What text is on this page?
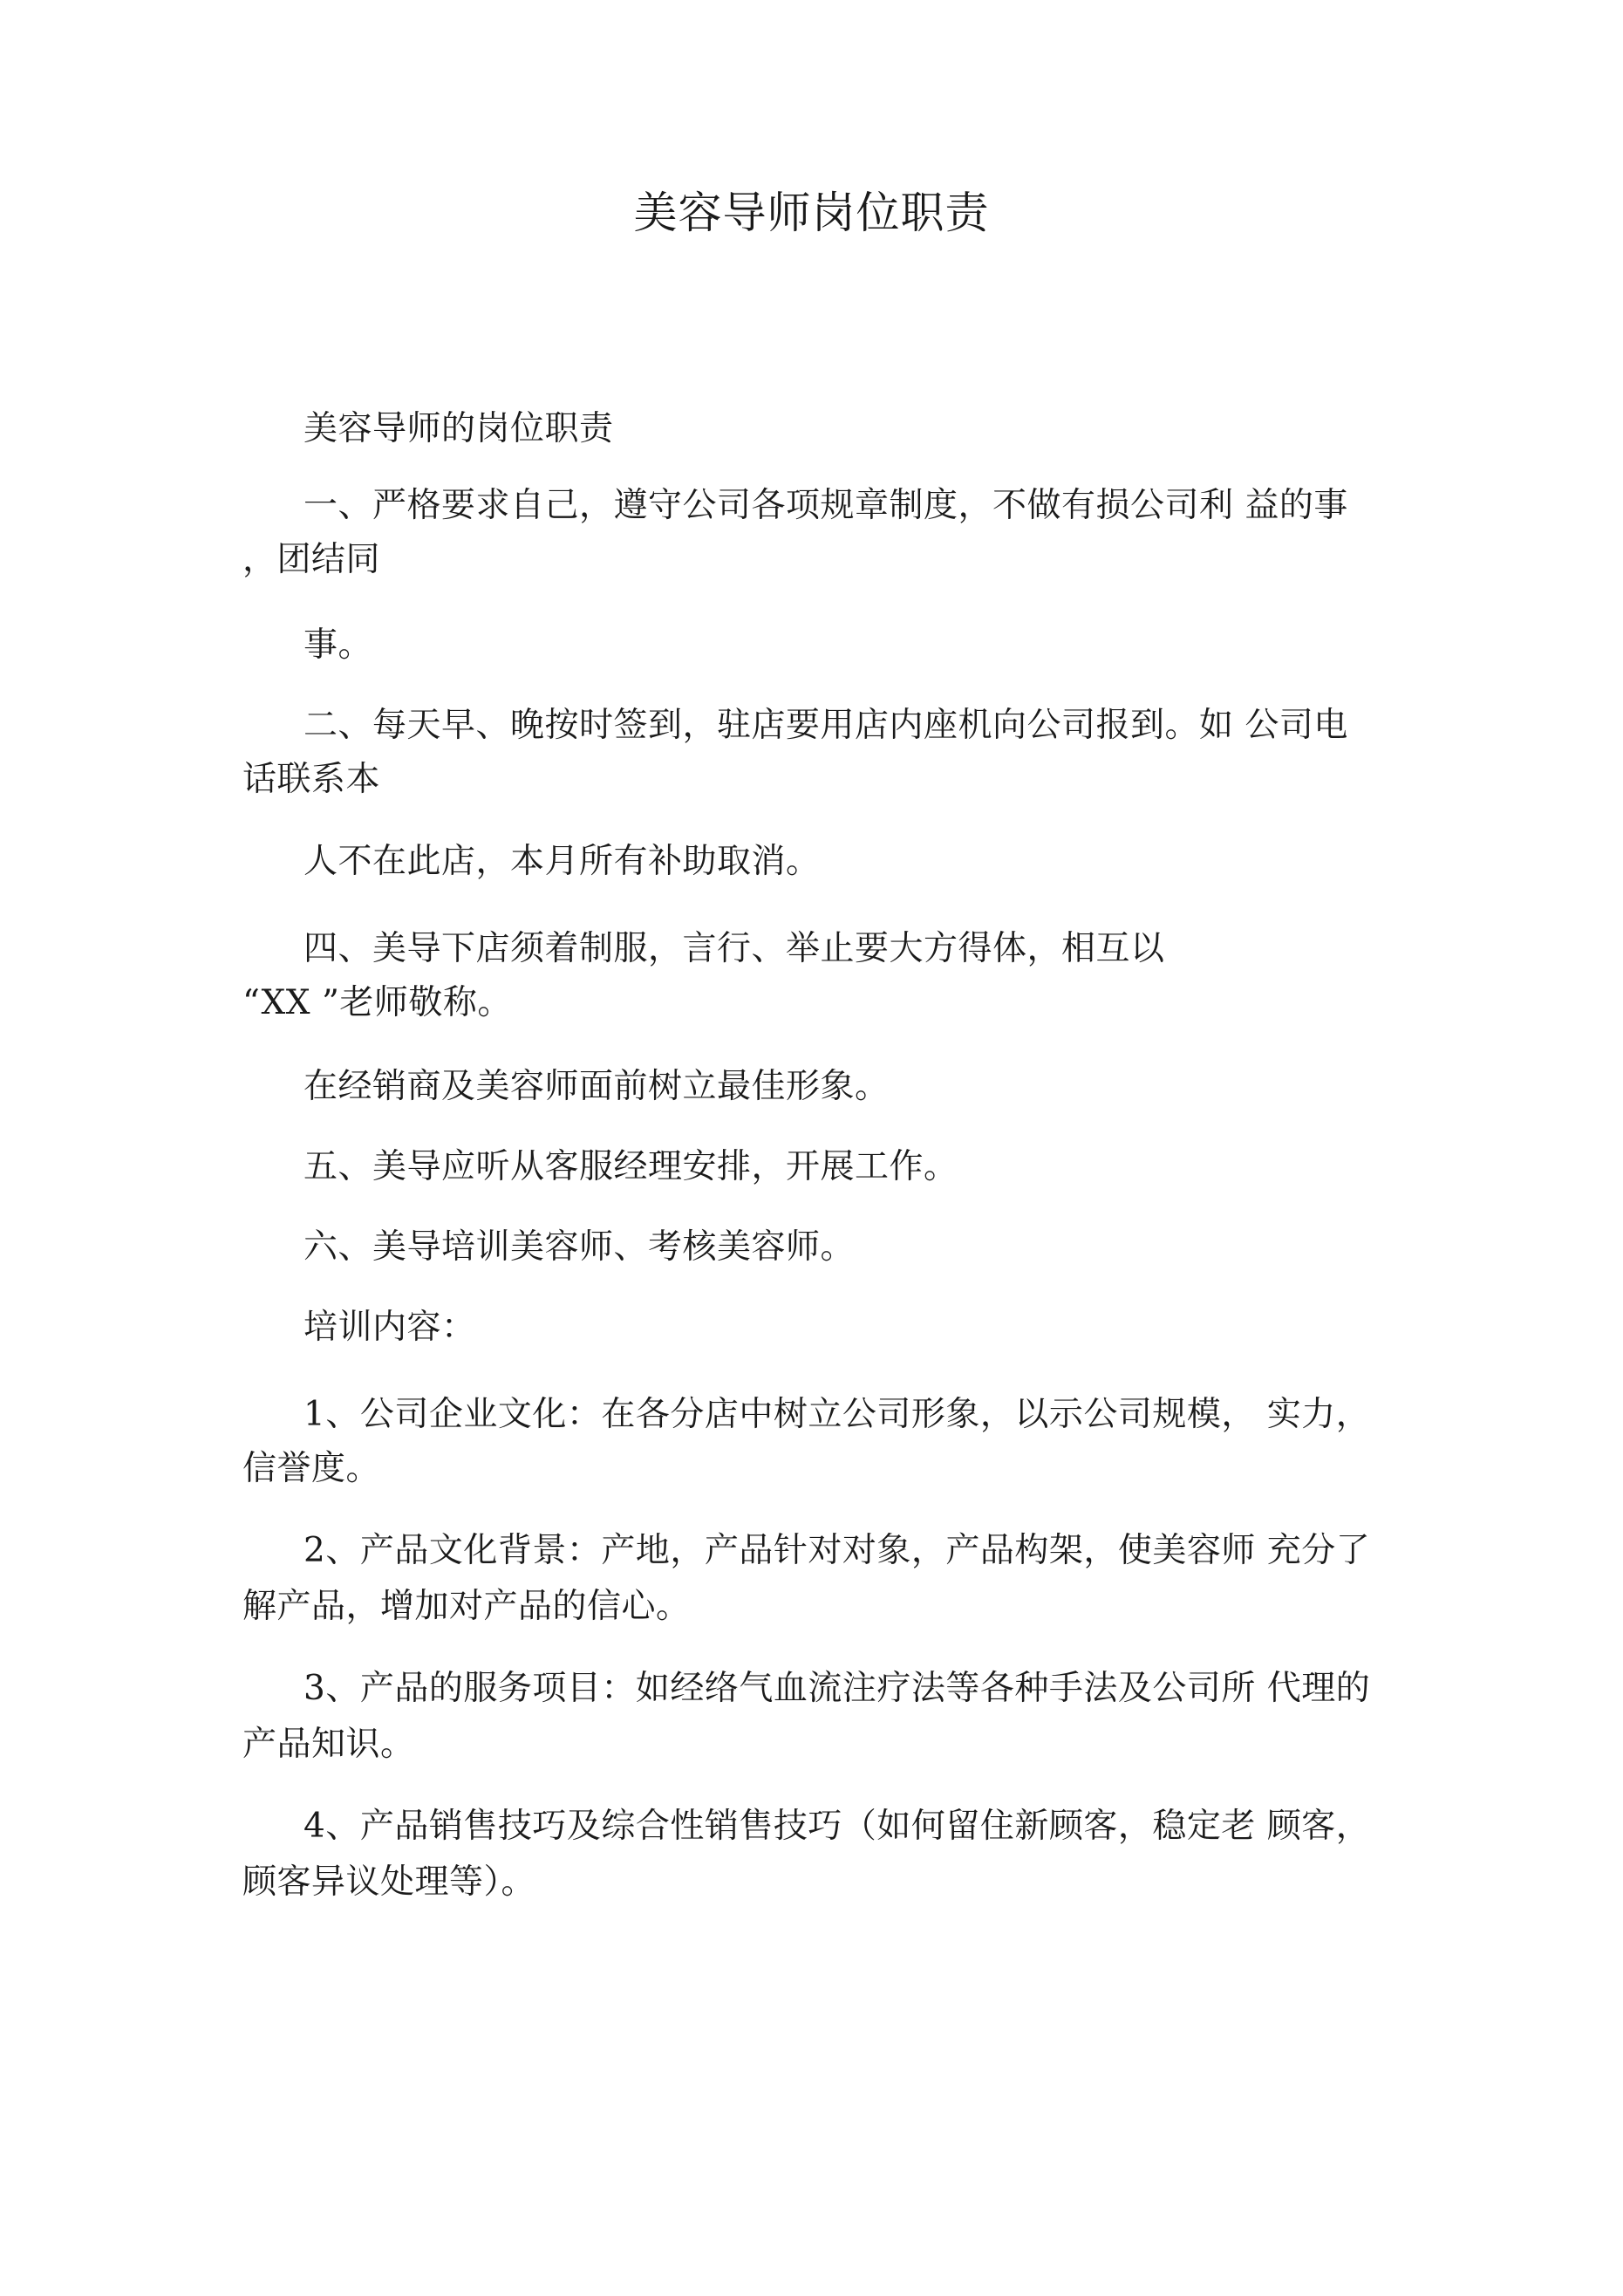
美容导师岗位职责
美容导师的岗位职责
一、严格要求自己，遵守公司各项规章制度，不做有损公司利 益的事
，团结同
事。
二、每天早、晚按时签到，驻店要用店内座机向公司报到。如 公司电
话联系本
人不在此店，本月所有补助取消。
四、美导下店须着制服，言行、举止要大方得体，相互以
“XX ”老师敬称。
在经销商及美容师面前树立最佳形象。
五、美导应听从客服经理安排，开展工作。
六、美导培训美容师、考核美容师。
培训内容：
1、公司企业文化：在各分店中树立公司形象，以示公司规模， 实力，
信誉度。
2、产品文化背景：产地，产品针对对象，产品构架，使美容师 充分了
解产品，增加对产品的信心。
3、产品的服务项目：如经络气血流注疗法等各种手法及公司所 代理的
产品知识。
4、产品销售技巧及综合性销售技巧（如何留住新顾客，稳定老 顾客，
顾客异议处理等）。
